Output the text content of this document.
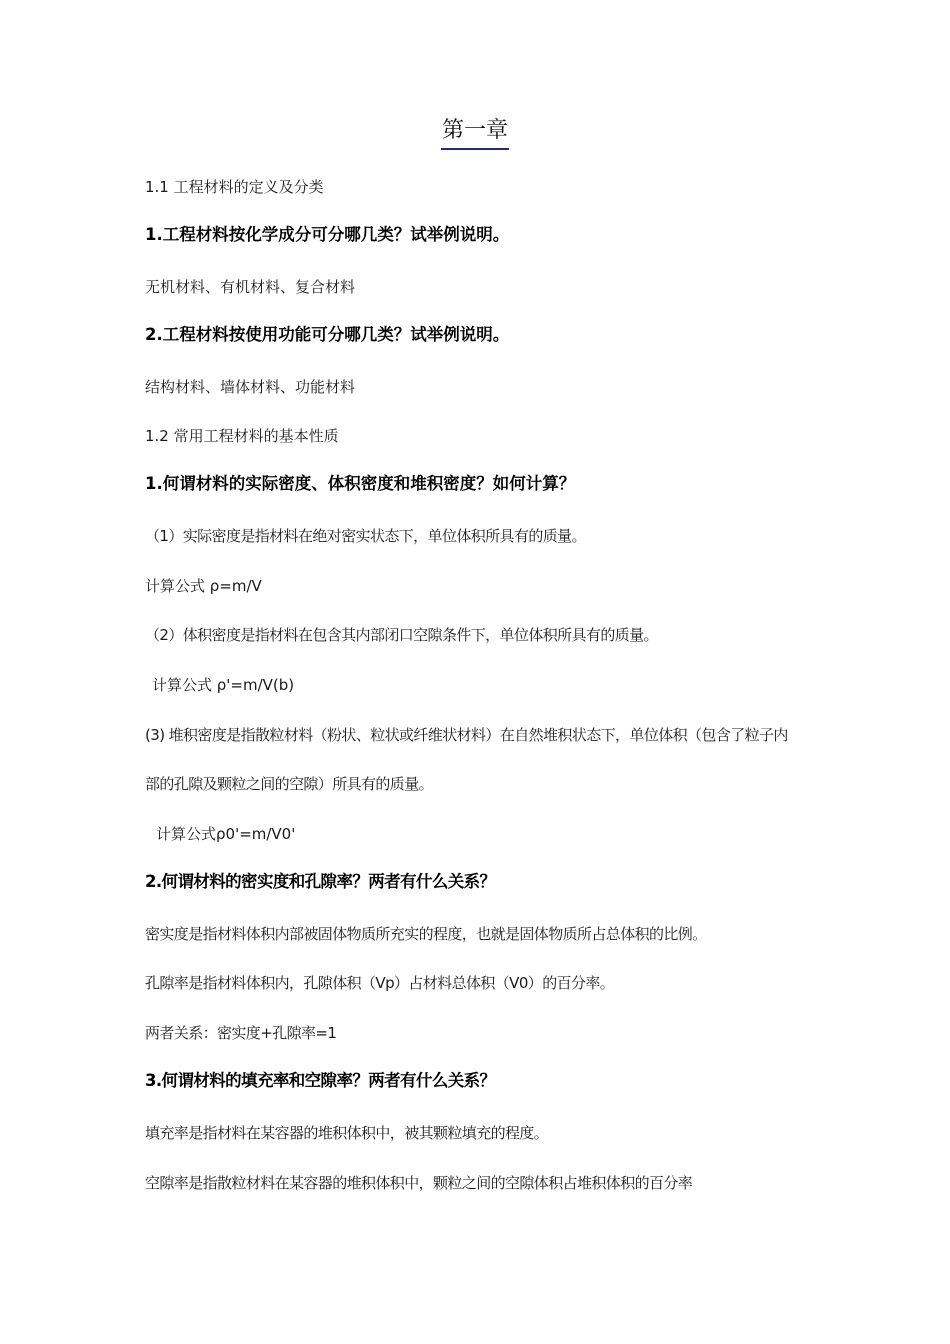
第一章
1.1 工程材料的定义及分类
1.工程材料按化学成分可分哪几类？试举例说明。
无机材料、有机材料、复合材料
2.工程材料按使用功能可分哪几类？试举例说明。
结构材料、墙体材料、功能材料
1.2 常用工程材料的基本性质
1.何谓材料的实际密度、体积密度和堆积密度？如何计算？
（1）实际密度是指材料在绝对密实状态下，单位体积所具有的质量。
计算公式 ρ=m/V
（2）体积密度是指材料在包含其内部闭口空隙条件下，单位体积所具有的质量。
计算公式 ρ'=m/V(b)
(3) 堆积密度是指散粒材料（粉状、粒状或纤维状材料）在自然堆积状态下，单位体积（包含了粒子内
部的孔隙及颗粒之间的空隙）所具有的质量。
计算公式ρ0'=m/V0'
2.何谓材料的密实度和孔隙率？两者有什么关系？
密实度是指材料体积内部被固体物质所充实的程度，也就是固体物质所占总体积的比例。
孔隙率是指材料体积内，孔隙体积（Vp）占材料总体积（V0）的百分率。
两者关系：密实度+孔隙率=1
3.何谓材料的填充率和空隙率？两者有什么关系？
填充率是指材料在某容器的堆积体积中，被其颗粒填充的程度。
空隙率是指散粒材料在某容器的堆积体积中，颗粒之间的空隙体积占堆积体积的百分率
